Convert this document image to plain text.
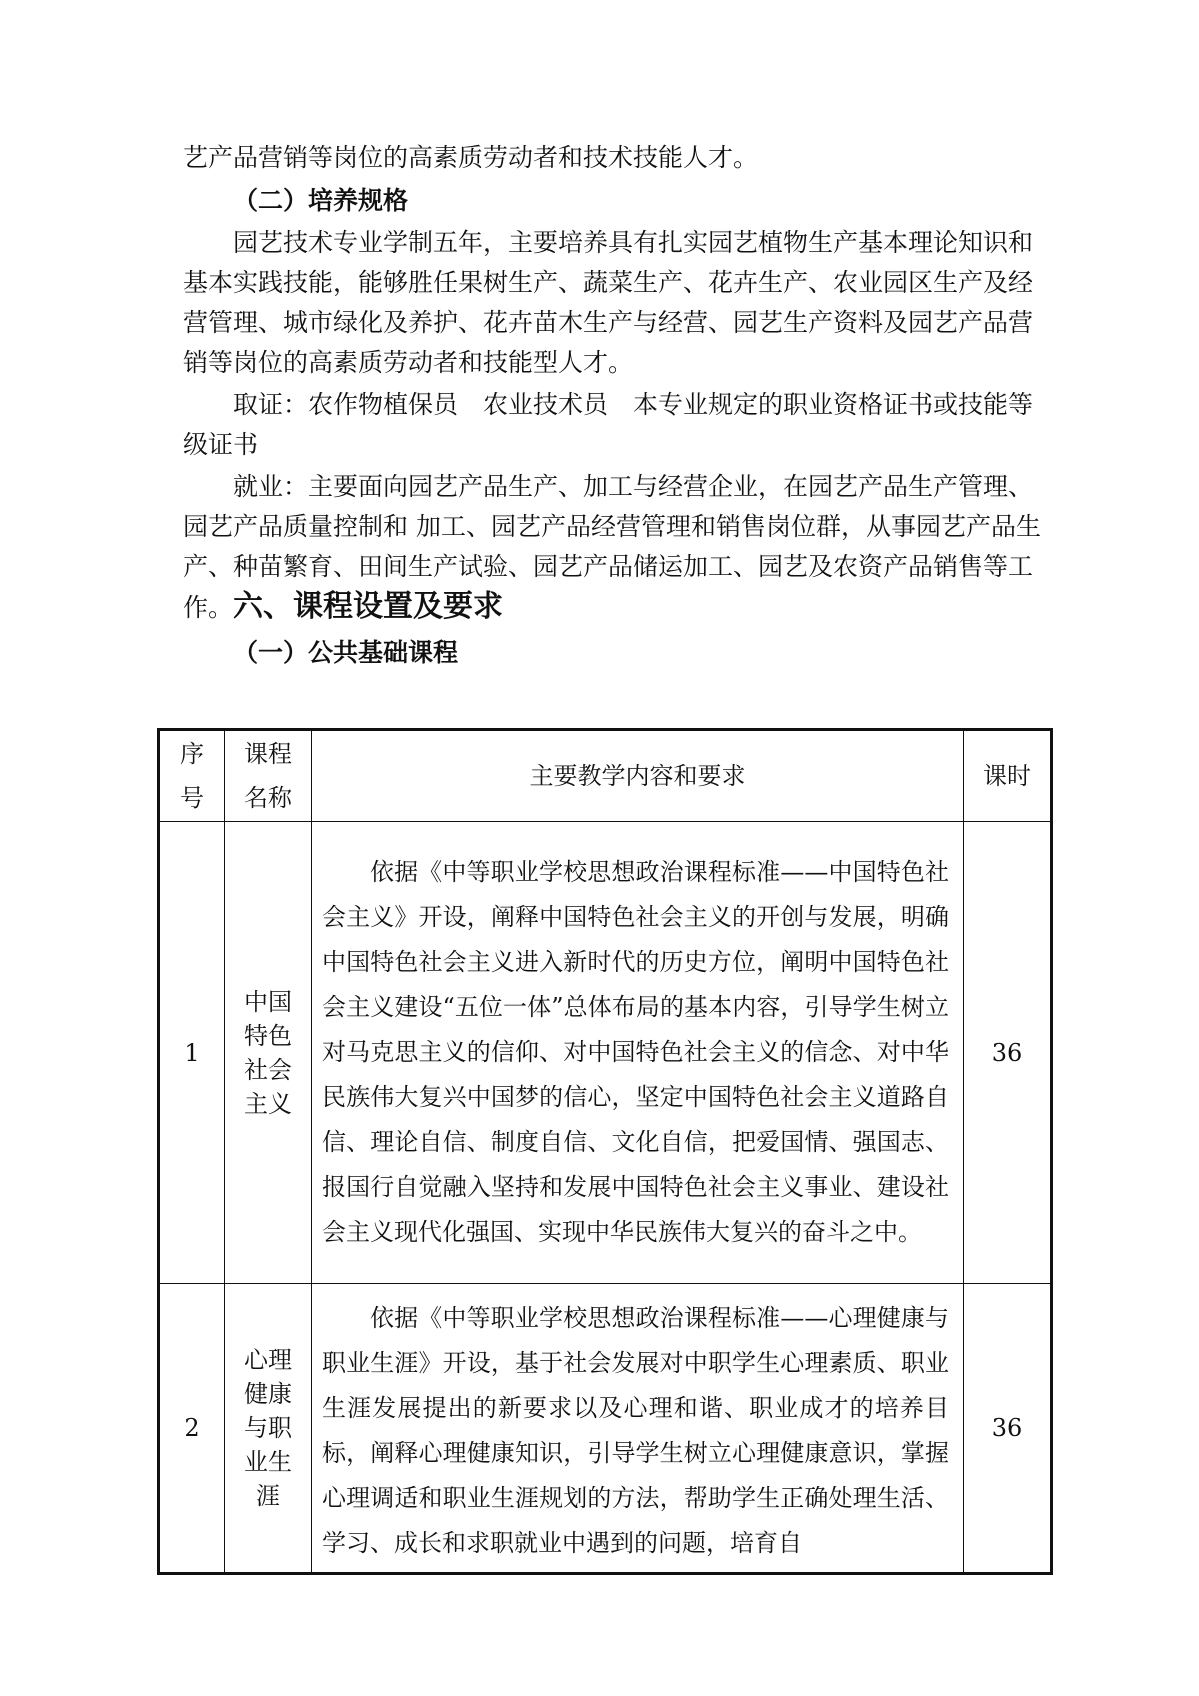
艺产品营销等岗位的高素质劳动者和技术技能人才。
（二）培养规格
园艺技术专业学制五年，主要培养具有扎实园艺植物生产基本理论知识和
基本实践技能，能够胜任果树生产、蔬菜生产、花卉生产、农业园区生产及经
营管理、城市绿化及养护、花卉苗木生产与经营、园艺生产资料及园艺产品营
销等岗位的高素质劳动者和技能型人才。
取证：农作物植保员　农业技术员　本专业规定的职业资格证书或技能等
级证书
就业：主要面向园艺产品生产、加工与经营企业，在园艺产品生产管理、
园艺产品质量控制和 加工、园艺产品经营管理和销售岗位群，从事园艺产品生
产、种苗繁育、田间生产试验、园艺产品储运加工、园艺及农资产品销售等工
作。六、课程设置及要求
（一）公共基础课程
序号	课程名称	主要教学内容和要求	课时
1	中国特色社会主义	依据《中等职业学校思想政治课程标准——中国特色社会主义》开设，阐释中国特色社会主义的开创与发展，明确中国特色社会主义进入新时代的历史方位，阐明中国特色社会主义建设“五位一体”总体布局的基本内容，引导学生树立对马克思主义的信仰、对中国特色社会主义的信念、对中华民族伟大复兴中国梦的信心，坚定中国特色社会主义道路自信、理论自信、制度自信、文化自信，把爱国情、强国志、报国行自觉融入坚持和发展中国特色社会主义事业、建设社会主义现代化强国、实现中华民族伟大复兴的奋斗之中。	36
2	心理健康与职业生涯	依据《中等职业学校思想政治课程标准——心理健康与职业生涯》开设，基于社会发展对中职学生心理素质、职业生涯发展提出的新要求以及心理和谐、职业成才的培养目标，阐释心理健康知识，引导学生树立心理健康意识，掌握心理调适和职业生涯规划的方法，帮助学生正确处理生活、学习、成长和求职就业中遇到的问题，培育自	36
